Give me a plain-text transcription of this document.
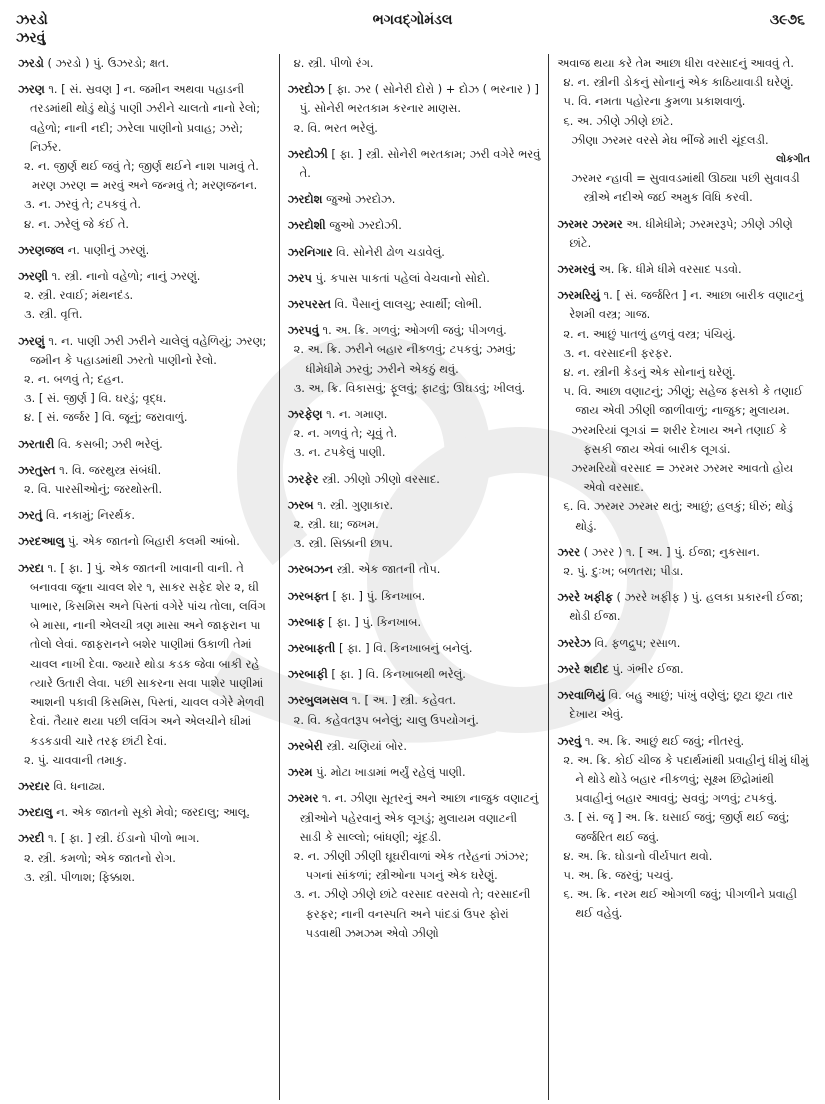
ઝરડો	ભગવદ્ગોમંડલ	૩૯૭૬
ઝરવું
ઝરડો ( ઝરડો ) પું. ઉઝરડો; ક્ષત.
ઝરણ ૧. [ સં. સ્રવણ ] ન. જમીન અથવા પહાડની તરડમાંથી થોડું થોડું પાણી ઝરીને ચાલતો નાનો રેલો; વહેળો; નાની નદી; ઝરેલા પાણીનો પ્રવાહ; ઝરો; નિર્ઝર.
૨. ન. જીર્ણ થઈ જવું તે; જીર્ણ થઈને નાશ પામવું તે.
મરણ ઝરણ = મરવું અને જન્મવું તે; મરણજનન.
૩. ન. ઝરવું તે; ટપકવું તે.
૪. ન. ઝરેલું જે કંઈ તે.
ઝરણજલ ન. પાણીનું ઝરણું.
ઝરણી ૧. સ્ત્રી. નાનો વહેળો; નાનું ઝરણું.
૨. સ્ત્રી. રવાઈ; મંથનદંડ.
૩. સ્ત્રી. વૃત્તિ.
ઝરણું ૧. ન. પાણી ઝરી ઝરીને ચાલેલું વહેળિયું; ઝરણ; જમીન કે પહાડમાંથી ઝરતો પાણીનો રેલો.
૨. ન. બળવું તે; દહન.
૩. [ સં. જીર્ણ ] વિ. ઘરડું; વૃદ્ધ.
૪. [ સં. જર્જર ] વિ. જૂનું; જરાવાળું.
ઝરતારી વિ. કસબી; ઝરી ભરેલું.
ઝરતુસ્ત ૧. વિ. જરથુસ્ત્ર સંબંધી.
૨. વિ. પારસીઓનું; જરથોસ્તી.
ઝરતું વિ. નકામું; નિરર્થક.
ઝરદઆલુ પું. એક જાતનો બિહારી કલમી આંબો.
ઝરદા ૧. [ ફા. ] પું. એક જાતની ખાવાની વાની. તે બનાવવા જૂના ચાવલ શેર ૧, સાકર સફેદ શેર ૨, ઘી પાભાર, કિસમિસ અને પિસ્તાં વગેરે પાંચ તોલા, લવિંગ બે માસા, નાની એલચી ત્રણ માસા અને જાફરાન પા તોલો લેવાં. જાફરાનને બશેર પાણીમાં ઉકાળી તેમાં ચાવલ નાખી દેવા. જ્યારે થોડા કડક જેવા બાકી રહે ત્યારે ઉતારી લેવા. પછી સાકરના સવા પાશેર પાણીમાં આશની પકાવી કિસમિસ, પિસ્તાં, ચાવલ વગેરે મેળવી દેવાં. તૈયાર થયા પછી લવિંગ અને એલચીને ઘીમાં કડકડાવી ચારે તરફ છાંટી દેવાં.
૨. પું. ચાવવાની તમાકુ.
ઝરદાર વિ. ધનાઢ્ય.
ઝરદાલુ ન. એક જાતનો સૂકો મેવો; જરદાલુ; આલૂ.
ઝરદી ૧. [ ફા. ] સ્ત્રી. ઈંડાનો પીળો ભાગ.
૨. સ્ત્રી. કમળો; એક જાતનો રોગ.
૩. સ્ત્રી. પીળાશ; ફિક્કાશ.
૪. સ્ત્રી. પીળો રંગ.
ઝરદોઝ [ ફા. ઝર ( સોનેરી દોરો ) + દોઝ ( ભરનાર ) ] પું. સોનેરી ભરતકામ કરનાર માણસ.
૨. વિ. ભરત ભરેલું.
ઝરદોઝી [ ફા. ] સ્ત્રી. સોનેરી ભરતકામ; ઝરી વગેરે ભરવું તે.
ઝરદોશ જુઓ ઝરદોઝ.
ઝરદોશી જુઓ ઝરદોઝી.
ઝરનિગાર વિ. સોનેરી ઢોળ ચડાવેલું.
ઝરપ પું. કપાસ પાકતાં પહેલાં વેચવાનો સોદો.
ઝરપરસ્ત વિ. પૈસાનું લાલચુ; સ્વાર્થી; લોભી.
ઝરપવું ૧. અ. ક્રિ. ગળવું; ઓગળી જવું; પીગળવું.
૨. અ. ક્રિ. ઝરીને બહાર નીકળવું; ટપકવું; ઝમવું; ધીમેધીમે ઝરવું; ઝરીને એકઠું થવું.
૩. અ. ક્રિ. વિકાસવું; ફૂલવું; ફાટવું; ઊઘડવું; ખીલવું.
ઝરફેણ ૧. ન. ગમાણ.
૨. ન. ગળવું તે; ચૂવું તે.
૩. ન. ટપકેલું પાણી.
ઝરફેર સ્ત્રી. ઝીણો ઝીણો વરસાદ.
ઝરબ ૧. સ્ત્રી. ગુણાકાર.
૨. સ્ત્રી. ઘા; જખમ.
૩. સ્ત્રી. સિક્કાની છાપ.
ઝરબઝન સ્ત્રી. એક જાતની તોપ.
ઝરબફ્ત [ ફા. ] પું. કિનખાબ.
ઝરબાફ [ ફા. ] પું. કિનખાબ.
ઝરબાફતી [ ફા. ] વિ. કિનખાબનું બનેલું.
ઝરબાફી [ ફા. ] વિ. કિનખાબથી ભરેલું.
ઝરબુલમસલ ૧. [ અ. ] સ્ત્રી. કહેવત.
૨. વિ. કહેવતરૂપ બનેલું; ચાલુ ઉપયોગનું.
ઝરબેરી સ્ત્રી. ચણિયાં બોર.
ઝરમ પું. મોટા ખાડામાં ભર્યું રહેલું પાણી.
ઝરમર ૧. ન. ઝીણા સૂતરનું અને આછા નાજુક વણાટનું સ્ત્રીઓને પહેરવાનું એક લૂગડું; મુલાયમ વણાટની સાડી કે સાલ્લો; બાંધણી; ચૂંદડી.
૨. ન. ઝીણી ઝીણી ઘૂઘરીવાળાં એક તરેહનાં ઝાંઝર; પગનાં સાંકળાં; સ્ત્રીઓના પગનું એક ઘરેણું.
૩. ન. ઝીણે ઝીણે છાંટે વરસાદ વરસવો તે; વરસાદની ફરફર; નાની વનસ્પતિ અને પાંદડાં ઉપર ફોરાં પડવાથી ઝમઝમ એવો ઝીણો
અવાજ થયા કરે તેમ આછા ધીરા વરસાદનું આવવું તે.
૪. ન. સ્ત્રીની ડોકનું સોનાનું એક કાઠિયાવાડી ઘરેણું.
૫. વિ. નમતા પહોરના કુમળા પ્રકાશવાળું.
૬. અ. ઝીણે ઝીણે છાંટે.
ઝીણા ઝરમર વરસે મેઘ ભીંજે મારી ચૂંદલડી.
લોકગીત
ઝરમર ન્હાવી = સુવાવડમાંથી ઊઠ્યા પછી સુવાવડી સ્ત્રીએ નદીએ જઈ અમુક વિધિ કરવી.
ઝરમર ઝરમર અ. ધીમેધીમે; ઝરમરરૂપે; ઝીણે ઝીણે છાંટે.
ઝરમરવું અ. ક્રિ. ધીમે ધીમે વરસાદ પડવો.
ઝરમરિયું ૧. [ સં. જર્જરિત ] ન. આછા બારીક વણાટનું રેશમી વસ્ત્ર; ગાજ.
૨. ન. આછું પાતળું હળવું વસ્ત્ર; પંચિયું.
૩. ન. વરસાદની ફરફર.
૪. ન. સ્ત્રીની કેડનું એક સોનાનું ઘરેણું.
૫. વિ. આછા વણાટનું; ઝીણું; સહેજ ફસકો કે તણાઈ જાય એવી ઝીણી જાળીવાળું; નાજુક; મુલાયમ.
ઝરમરિયાં લૂગડાં = શરીર દેખાય અને તણાઈ કે ફસકી જાય એવાં બારીક લૂગડાં.
ઝરમરિયો વરસાદ = ઝરમર ઝરમર આવતો હોય એવો વરસાદ.
૬. વિ. ઝરમર ઝરમર થતું; આછું; હલકું; ધીરું; થોડું થોડું.
ઝરર ( ઝરર ) ૧. [ અ. ] પું. ઈજા; નુકસાન.
૨. પું. દુઃખ; બળતરા; પીડા.
ઝરરે ખફીફ ( ઝરરે ખફીફ ) પું. હલકા પ્રકારની ઈજા; થોડી ઈજા.
ઝરરેઝ વિ. ફળદ્રુપ; રસાળ.
ઝરરે શદીદ પું. ગંભીર ઈજા.
ઝરવાળિયું વિ. બહુ આછું; પાંખું વણેલું; છૂટા છૂટા તાર દેખાય એવું.
ઝરવું ૧. અ. ક્રિ. આછું થઈ જવું; નીતરવું.
૨. અ. ક્રિ. કોઈ ચીજ કે પદાર્થમાંથી પ્રવાહીનું ધીમું ધીમું ને થોડે થોડે બહાર નીકળવું; સૂક્ષ્મ છિદ્રોમાંથી પ્રવાહીનું બહાર આવવું; સ્રવવું; ગળવું; ટપકવું.
૩. [ સં. જૄ ] અ. ક્રિ. ઘસાઈ જવું; જીર્ણ થઈ જવું; જર્જરિત થઈ જવું.
૪. અ. ક્રિ. ઘોડાનો વીર્યપાત થવો.
૫. અ. ક્રિ. જરવું; પચવું.
૬. અ. ક્રિ. નરમ થઈ ઓગળી જવું; પીગળીને પ્રવાહી થઈ વહેવું.
